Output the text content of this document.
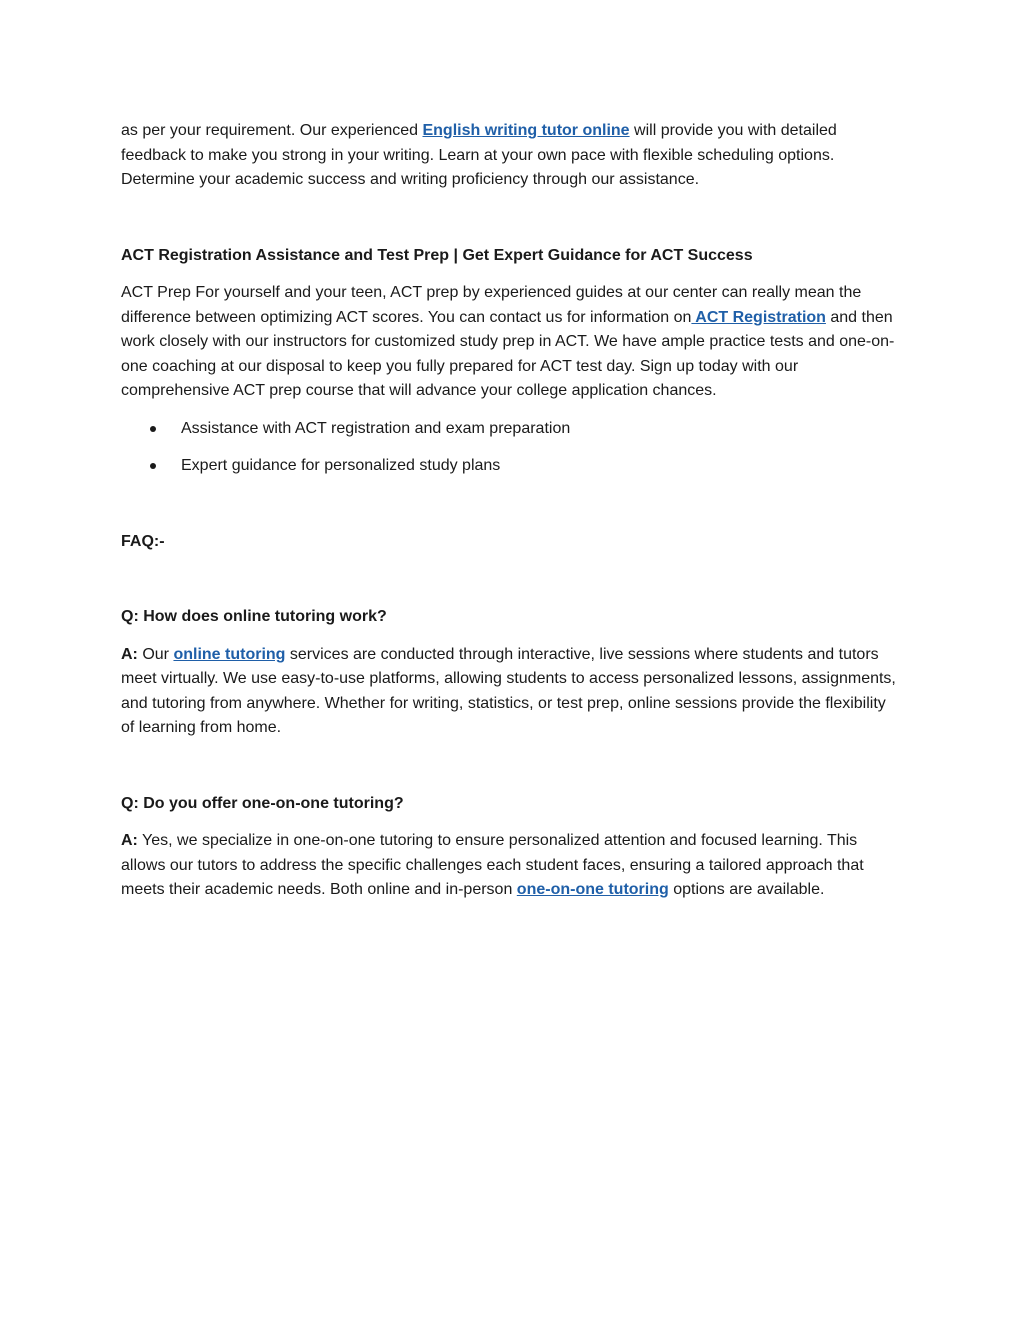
as per your requirement. Our experienced English writing tutor online will provide you with detailed feedback to make you strong in your writing. Learn at your own pace with flexible scheduling options. Determine your academic success and writing proficiency through our assistance.

ACT Registration Assistance and Test Prep | Get Expert Guidance for ACT Success

ACT Prep For yourself and your teen, ACT prep by experienced guides at our center can really mean the difference between optimizing ACT scores. You can contact us for information on ACT Registration and then work closely with our instructors for customized study prep in ACT. We have ample practice tests and one-on-one coaching at our disposal to keep you fully prepared for ACT test day. Sign up today with our comprehensive ACT prep course that will advance your college application chances.

Assistance with ACT registration and exam preparation
Expert guidance for personalized study plans

FAQ:-

Q: How does online tutoring work?

A: Our online tutoring services are conducted through interactive, live sessions where students and tutors meet virtually. We use easy-to-use platforms, allowing students to access personalized lessons, assignments, and tutoring from anywhere. Whether for writing, statistics, or test prep, online sessions provide the flexibility of learning from home.

Q: Do you offer one-on-one tutoring?

A: Yes, we specialize in one-on-one tutoring to ensure personalized attention and focused learning. This allows our tutors to address the specific challenges each student faces, ensuring a tailored approach that meets their academic needs. Both online and in-person one-on-one tutoring options are available.
